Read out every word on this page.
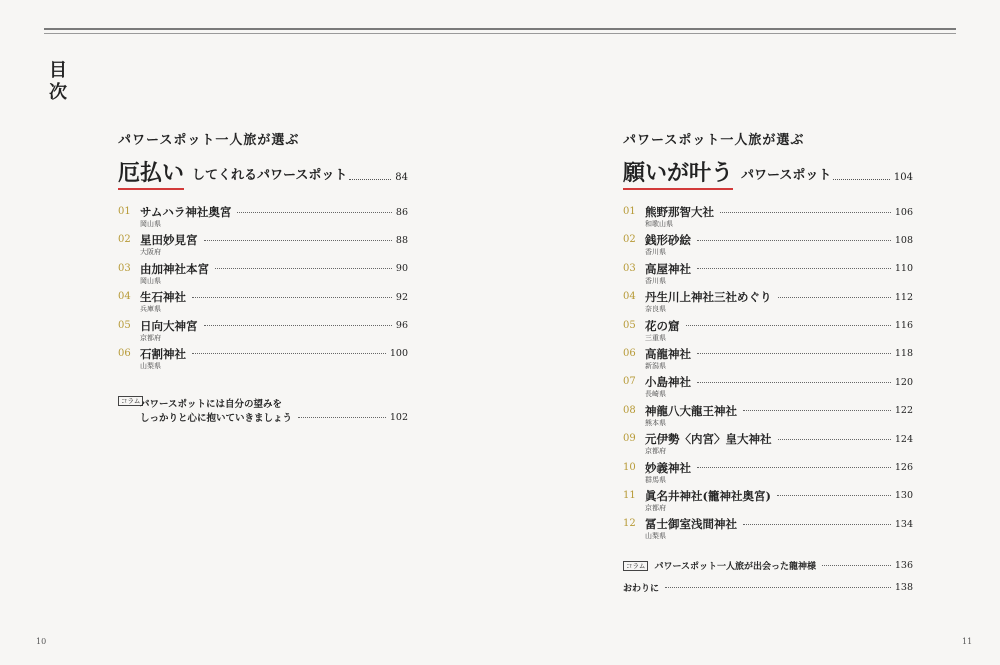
目
次
パワースポット一人旅が選ぶ
厄払い してくれるパワースポット	84
01 サムハラ神社奥宮	86
岡山県
02 星田妙見宮	88
大阪府
03 由加神社本宮	90
岡山県
04 生石神社	92
兵庫県
05 日向大神宮	96
京都府
06 石割神社	100
山梨県
コラム パワースポットには自分の望みを
しっかりと心に抱いていきましょう	102
パワースポット一人旅が選ぶ
願いが叶う パワースポット	104
01 熊野那智大社	106
和歌山県
02 銭形砂絵	108
香川県
03 高屋神社	110
香川県
04 丹生川上神社三社めぐり	112
奈良県
05 花の窟	116
三重県
06 高龍神社	118
新潟県
07 小島神社	120
長崎県
08 神龍八大龍王神社	122
熊本県
09 元伊勢〈内宮〉皇大神社	124
京都府
10 妙義神社	126
群馬県
11 眞名井神社(籠神社奥宮)	130
京都府
12 冨士御室浅間神社	134
山梨県
コラム	パワースポット一人旅が出会った龍神様	136
おわりに	138
10	11
